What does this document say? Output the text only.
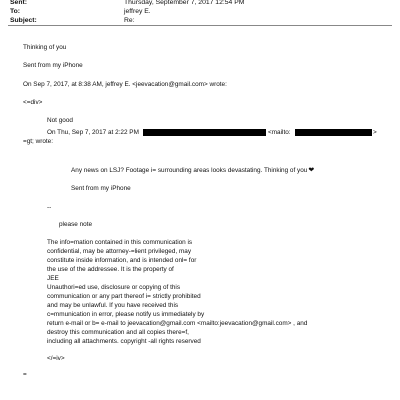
Sent:	Thursday, September 7, 2017 12:54 PM
To:	jeffrey E.
Subject:	Re:
Thinking of you
Sent from my iPhone
On Sep 7, 2017, at 8:38 AM, jeffrey E. <jeevacation@gmail.com> wrote:
<=div>
Not good
On Thu, Sep 7, 2017 at 2:22 PM	<mailto:	>
=gt; wrote:
Any news on LSJ? Footage i= surrounding areas looks devastating. Thinking of you❤
Sent from my iPhone
--
please note
The info=mation contained in this communication is
confidential, may be attorney-=lient privileged, may
constitute inside information, and is intended onl= for
the use of the addressee. It is the property of
JEE
Unauthori=ed use, disclosure or copying of this
communication or any part thereof i= strictly prohibited
and may be unlawful. If you have received this
c=mmunication in error, please notify us immediately by
return e-mail or b= e-mail to jeevacation@gmail.com <mailto:jeevacation@gmail.com> , and
destroy this communication and all copies there=f,
including all attachments. copyright -all rights reserved
</=iv>
=
